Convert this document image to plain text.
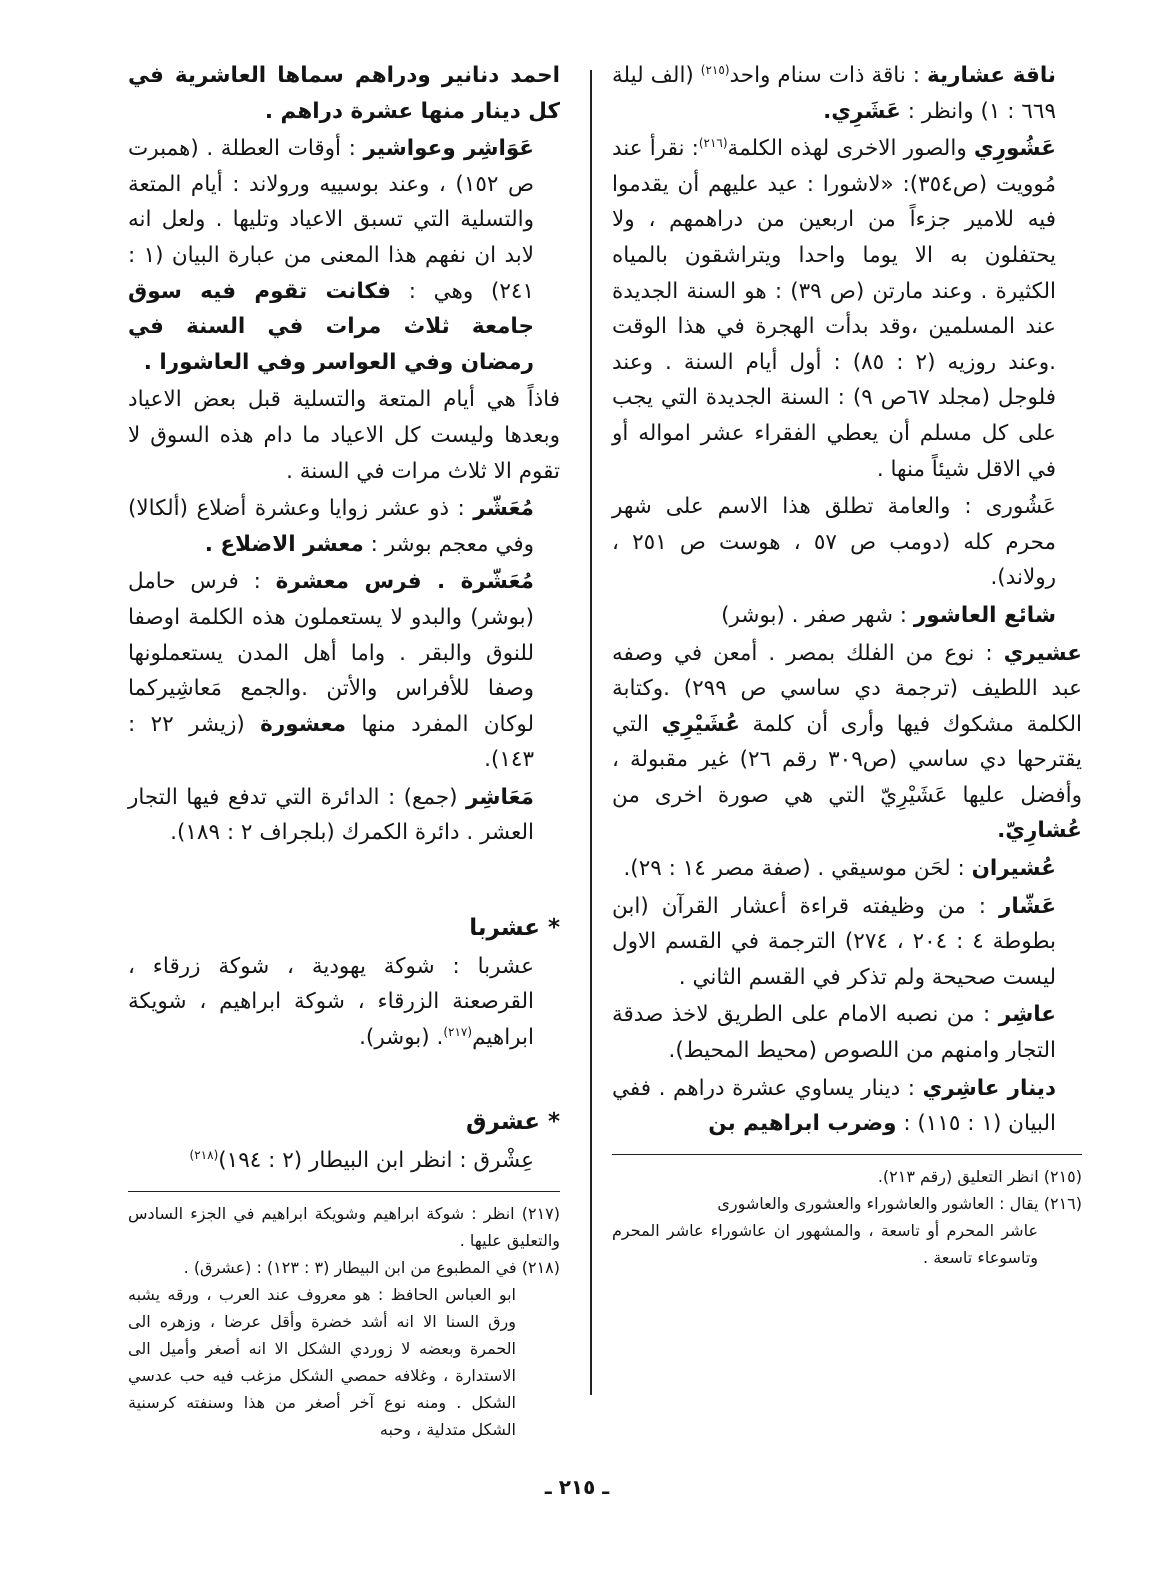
ناقة عشارية : ناقة ذات سنام واحد$^{(٢١٥)}$ (الف ليلة ٦٦٩ : ١) وانظر : عَشَرِي.

عَشُورِي والصور الاخرى لهذه الكلمة$^{(٢١٦)}$: نقرأ عند مُوويت (ص٣٥٤): «لاشورا : عيد عليهم أن يقدموا فيه للامير جزءاً من اربعين من دراهمهم ، ولا يحتفلون به الا يوما واحدا ويتراشقون بالمياه الكثيرة . وعند مارتن (ص ٣٩) : هو السنة الجديدة عند المسلمين ،وقد بدأت الهجرة في هذا الوقت .وعند روزيه (٢ : ٨٥) : أول أيام السنة . وعند فلوجل (مجلد ٦٧ص ٩) : السنة الجديدة التي يجب على كل مسلم أن يعطي الفقراء عشر امواله أو في الاقل شيئاً منها .

عَشُورى : والعامة تطلق هذا الاسم على شهر محرم كله (دومب ص ٥٧ ، هوست ص ٢٥١ ، رولاند).

شائع العاشور : شهر صفر . (بوشر)

عشيري : نوع من الفلك بمصر . أمعن في وصفه عبد اللطيف (ترجمة دي ساسي ص ٢٩٩) .وكتابة الكلمة مشكوك فيها وأرى أن كلمة عُشَيْرِي التي يقترحها دي ساسي (ص٣٠٩ رقم ٢٦) غير مقبولة ، وأفضل عليها عَشَيْرِيّ التي هي صورة اخرى من عُشارِيّ.

عُشيران : لحَن موسيقي . (صفة مصر ١٤ : ٢٩).

عَشّار : من وظيفته قراءة أعشار القرآن (ابن بطوطة ٤ : ٢٠٤ ، ٢٧٤) الترجمة في القسم الاول ليست صحيحة ولم تذكر في القسم الثاني .

عاشِر : من نصبه الامام على الطريق لاخذ صدقة التجار وامنهم من اللصوص (محيط المحيط).

دينار عاشِري : دينار يساوي عشرة دراهم . ففي البيان (١ : ١١٥) : وضرب ابراهيم بن

(٢١٥) انظر التعليق (رقم ٢١٣).

(٢١٦) يقال : العاشور والعاشوراء والعشورى والعاشورى

عاشر المحرم أو تاسعة ، والمشهور ان عاشوراء عاشر المحرم وتاسوعاء تاسعة .

احمد دنانير ودراهم سماها العاشرية في كل دينار منها عشرة دراهم .

عَوَاشِر وعواشير : أوقات العطلة . (همبرت ص ١٥٢) ، وعند بوسييه ورولاند : أيام المتعة والتسلية التي تسبق الاعياد وتليها . ولعل انه لابد ان نفهم هذا المعنى من عبارة البيان (١ : ٢٤١) وهي : فكانت تقوم فيه سوق جامعة ثلاث مرات في السنة في رمضان وفي العواسر وفي العاشورا .

فاذاً هي أيام المتعة والتسلية قبل بعض الاعياد وبعدها وليست كل الاعياد ما دام هذه السوق لا تقوم الا ثلاث مرات في السنة .

مُعَشّر : ذو عشر زوايا وعشرة أضلاع (ألكالا) وفي معجم بوشر : معشر الاضلاع .

مُعَشّرة . فرس معشرة : فرس حامل (بوشر) والبدو لا يستعملون هذه الكلمة اوصفا للنوق والبقر . واما أهل المدن يستعملونها وصفا للأفراس والأتن .والجمع مَعاشِيركما لوكان المفرد منها معشورة (زيشر ٢٢ : ١٤٣).

مَعَاشِر (جمع) : الدائرة التي تدفع فيها التجار العشر . دائرة الكمرك (بلجراف ٢ : ١٨٩).

* عشربا

عشربا : شوكة يهودية ، شوكة زرقاء ، القرصعنة الزرقاء ، شوكة ابراهيم ، شويكة ابراهيم$^{(٢١٧)}$. (بوشر).

* عشرق

عِشْرق : انظر ابن البيطار (٢ : ١٩٤)$^{(٢١٨)}$

(٢١٧) انظر : شوكة ابراهيم وشويكة ابراهيم في الجزء السادس والتعليق عليها .

(٢١٨) في المطبوع من ابن البيطار (٣ : ١٢٣) : (عشرق) .

ابو العباس الحافظ : هو معروف عند العرب ، ورقه يشبه ورق السنا الا انه أشد خضرة وأقل عرضا ، وزهره الى الحمرة وبعضه لا زوردي الشكل الا انه أصغر وأميل الى الاستدارة ، وغلافه حمصي الشكل مزغب فيه حب عدسي الشكل . ومنه نوع آخر أصغر من هذا وسنفته كرسنية الشكل متدلية ، وحبه

ـ ٢١٥ ـ
